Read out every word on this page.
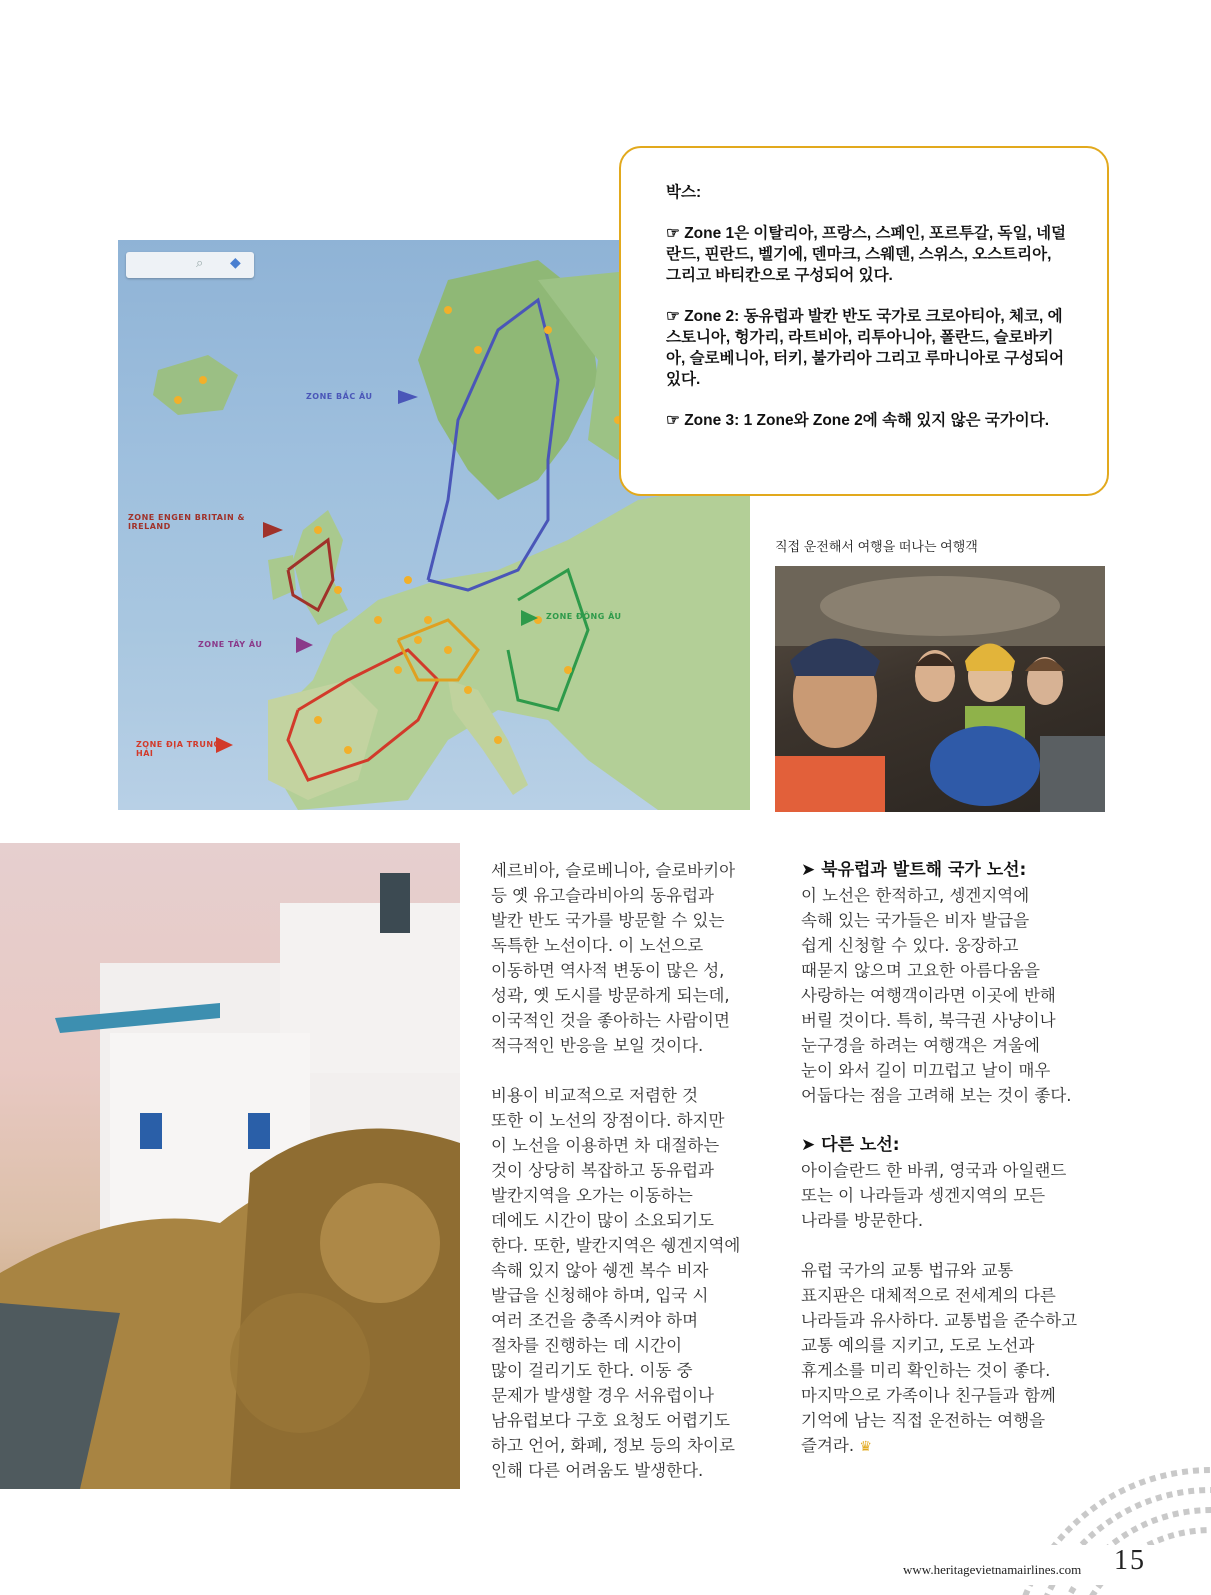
⌕ ◆
ZONE BẮC ÂU
ZONE ENGEN BRITAIN & IRELAND
ZONE TÂY ÂU
ZONE ĐỊA TRUNG HẢI
ZONE ĐÔNG ÂU

박스:

☞ Zone 1은 이탈리아, 프랑스, 스페인, 포르투갈, 독일, 네덜란드, 핀란드, 벨기에, 덴마크, 스웨덴, 스위스, 오스트리아, 그리고 바티칸으로 구성되어 있다.

☞ Zone 2: 동유럽과 발칸 반도 국가로 크로아티아, 체코, 에스토니아, 헝가리, 라트비아, 리투아니아, 폴란드, 슬로바키아, 슬로베니아, 터키, 불가리아 그리고 루마니아로 구성되어 있다.

☞ Zone 3: 1 Zone와 Zone 2에 속해 있지 않은 국가이다.

직접 운전해서 여행을 떠나는 여행객

세르비아, 슬로베니아, 슬로바키아
등 옛 유고슬라비아의 동유럽과
발칸 반도 국가를 방문할 수 있는
독특한 노선이다. 이 노선으로
이동하면 역사적 변동이 많은 성,
성곽, 옛 도시를 방문하게 되는데,
이국적인 것을 좋아하는 사람이면
적극적인 반응을 보일 것이다.

비용이 비교적으로 저렴한 것
또한 이 노선의 장점이다. 하지만
이 노선을 이용하면 차 대절하는
것이 상당히 복잡하고 동유럽과
발칸지역을 오가는 이동하는
데에도 시간이 많이 소요되기도
한다. 또한, 발칸지역은 쉥겐지역에
속해 있지 않아 쉥겐 복수 비자
발급을 신청해야 하며, 입국 시
여러 조건을 충족시켜야 하며
절차를 진행하는 데 시간이
많이 걸리기도 한다. 이동 중
문제가 발생할 경우 서유럽이나
남유럽보다 구호 요청도 어렵기도
하고 언어, 화폐, 정보 등의 차이로
인해 다른 어려움도 발생한다.

➤ 북유럽과 발트해 국가 노선:

이 노선은 한적하고, 셍겐지역에
속해 있는 국가들은 비자 발급을
쉽게 신청할 수 있다. 웅장하고
때묻지 않으며 고요한 아름다움을
사랑하는 여행객이라면 이곳에 반해
버릴 것이다. 특히, 북극권 사냥이나
눈구경을 하려는 여행객은 겨울에
눈이 와서 길이 미끄럽고 날이 매우
어둡다는 점을 고려해 보는 것이 좋다.

➤ 다른 노선:

아이슬란드 한 바퀴, 영국과 아일랜드
또는 이 나라들과 셍겐지역의 모든
나라를 방문한다.

유럽 국가의 교통 법규와 교통
표지판은 대체적으로 전세계의 다른
나라들과 유사하다. 교통법을 준수하고
교통 예의를 지키고, 도로 노선과
휴게소를 미리 확인하는 것이 좋다.
마지막으로 가족이나 친구들과 함께
기억에 남는 직접 운전하는 여행을
즐겨라. ♛

www.heritagevietnamairlines.com 15
